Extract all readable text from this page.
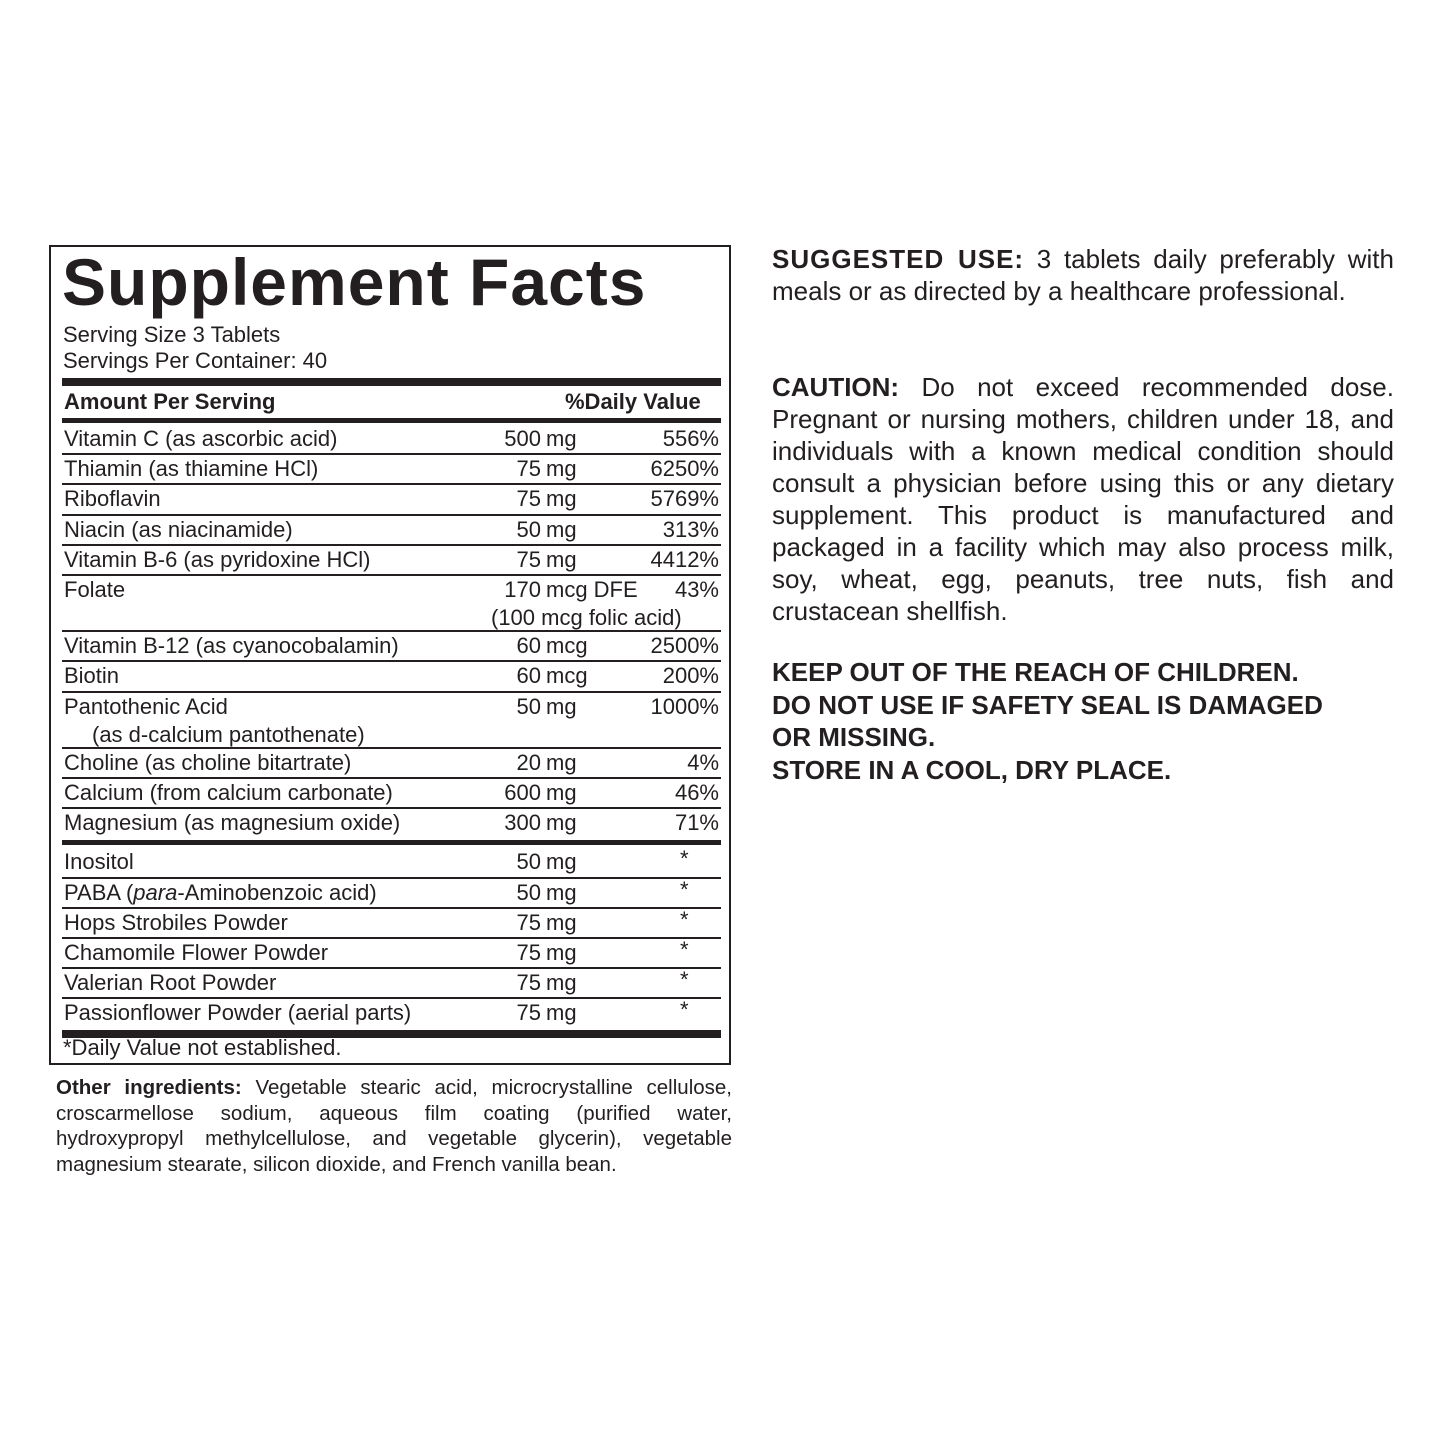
Supplement Facts
Serving Size 3 Tablets
Servings Per Container: 40
Amount Per Serving	%Daily Value
Vitamin C (as ascorbic acid)	500 mg	556%
Thiamin (as thiamine HCl)	75 mg	6250%
Riboflavin	75 mg	5769%
Niacin (as niacinamide)	50 mg	313%
Vitamin B-6 (as pyridoxine HCl)	75 mg	4412%
Folate	170 mcg DFE	43%
(100 mcg folic acid)
Vitamin B-12 (as cyanocobalamin)	60 mcg	2500%
Biotin	60 mcg	200%
Pantothenic Acid	50 mg	1000%
(as d-calcium pantothenate)
Choline (as choline bitartrate)	20 mg	4%
Calcium (from calcium carbonate)	600 mg	46%
Magnesium (as magnesium oxide)	300 mg	71%
Inositol	50 mg	*
PABA (para-Aminobenzoic acid)	50 mg	*
Hops Strobiles Powder	75 mg	*
Chamomile Flower Powder	75 mg	*
Valerian Root Powder	75 mg	*
Passionflower Powder (aerial parts)	75 mg	*
*Daily Value not established.
Other ingredients: Vegetable stearic acid, microcrystalline cellulose, croscarmellose sodium, aqueous film coating (purified water, hydroxypropyl methylcellulose, and vegetable glycerin), vegetable magnesium stearate, silicon dioxide, and French vanilla bean.
SUGGESTED USE: 3 tablets daily preferably with meals or as directed by a healthcare professional.
CAUTION: Do not exceed recommended dose. Pregnant or nursing mothers, children under 18, and individuals with a known medical condition should consult a physician before using this or any dietary supplement. This product is manufactured and packaged in a facility which may also process milk, soy, wheat, egg, peanuts, tree nuts, fish and crustacean shellfish.
KEEP OUT OF THE REACH OF CHILDREN.
DO NOT USE IF SAFETY SEAL IS DAMAGED
OR MISSING.
STORE IN A COOL, DRY PLACE.
